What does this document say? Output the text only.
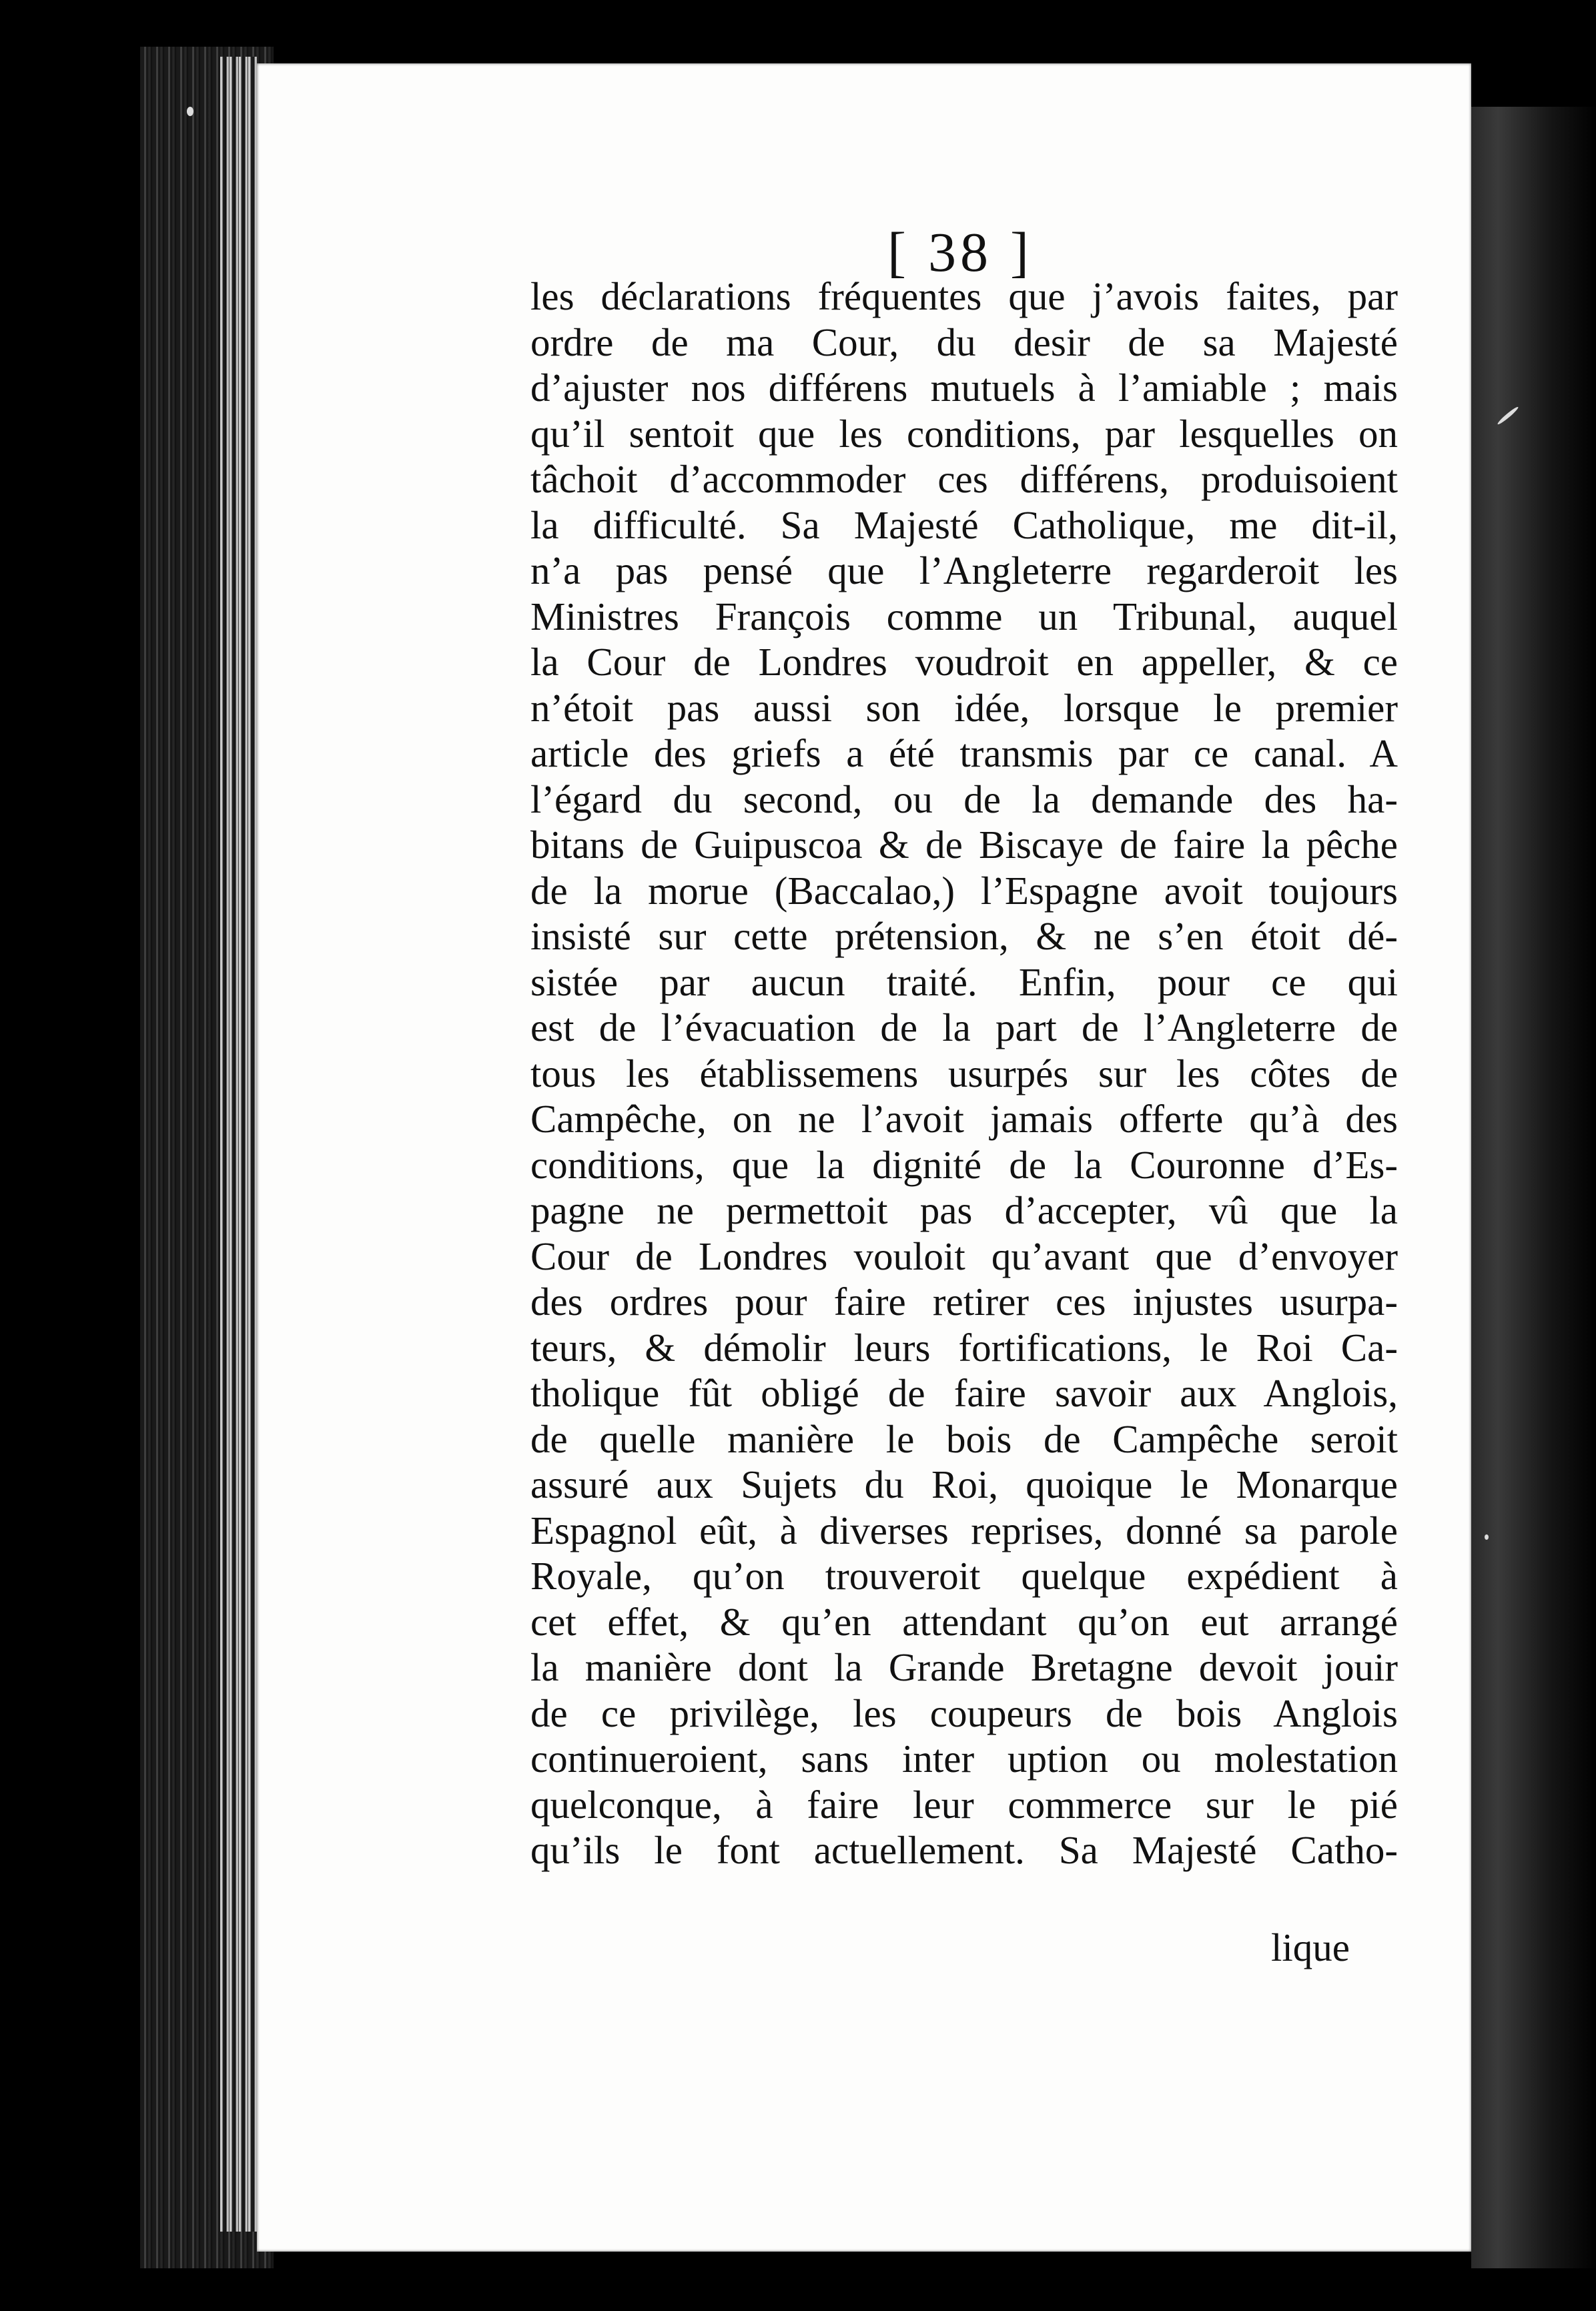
[ 38 ]
les déclarations fréquentes que j’avois faites, par
ordre de ma Cour, du desir de sa Majesté
d’ajuster nos différens mutuels à l’amiable ; mais
qu’il sentoit que les conditions, par lesquelles on
tâchoit d’accommoder ces différens, produisoient
la difficulté. Sa Majesté Catholique, me dit-il,
n’a pas pensé que l’Angleterre regarderoit les
Ministres François comme un Tribunal, auquel
la Cour de Londres voudroit en appeller, & ce
n’étoit pas aussi son idée, lorsque le premier
article des griefs a été transmis par ce canal. A
l’égard du second, ou de la demande des ha-
bitans de Guipuscoa & de Biscaye de faire la pêche
de la morue (Baccalao,) l’Espagne avoit toujours
insisté sur cette prétension, & ne s’en étoit dé-
sistée par aucun traité. Enfin, pour ce qui
est de l’évacuation de la part de l’Angleterre de
tous les établissemens usurpés sur les côtes de
Campêche, on ne l’avoit jamais offerte qu’à des
conditions, que la dignité de la Couronne d’Es-
pagne ne permettoit pas d’accepter, vû que la
Cour de Londres vouloit qu’avant que d’envoyer
des ordres pour faire retirer ces injustes usurpa-
teurs, & démolir leurs fortifications, le Roi Ca-
tholique fût obligé de faire savoir aux Anglois,
de quelle manière le bois de Campêche seroit
assuré aux Sujets du Roi, quoique le Monarque
Espagnol eût, à diverses reprises, donné sa parole
Royale, qu’on trouveroit quelque expédient à
cet effet, & qu’en attendant qu’on eut arrangé
la manière dont la Grande Bretagne devoit jouir
de ce privilège, les coupeurs de bois Anglois
continueroient, sans inter uption ou molestation
quelconque, à faire leur commerce sur le pié
qu’ils le font actuellement. Sa Majesté Catho-
lique
